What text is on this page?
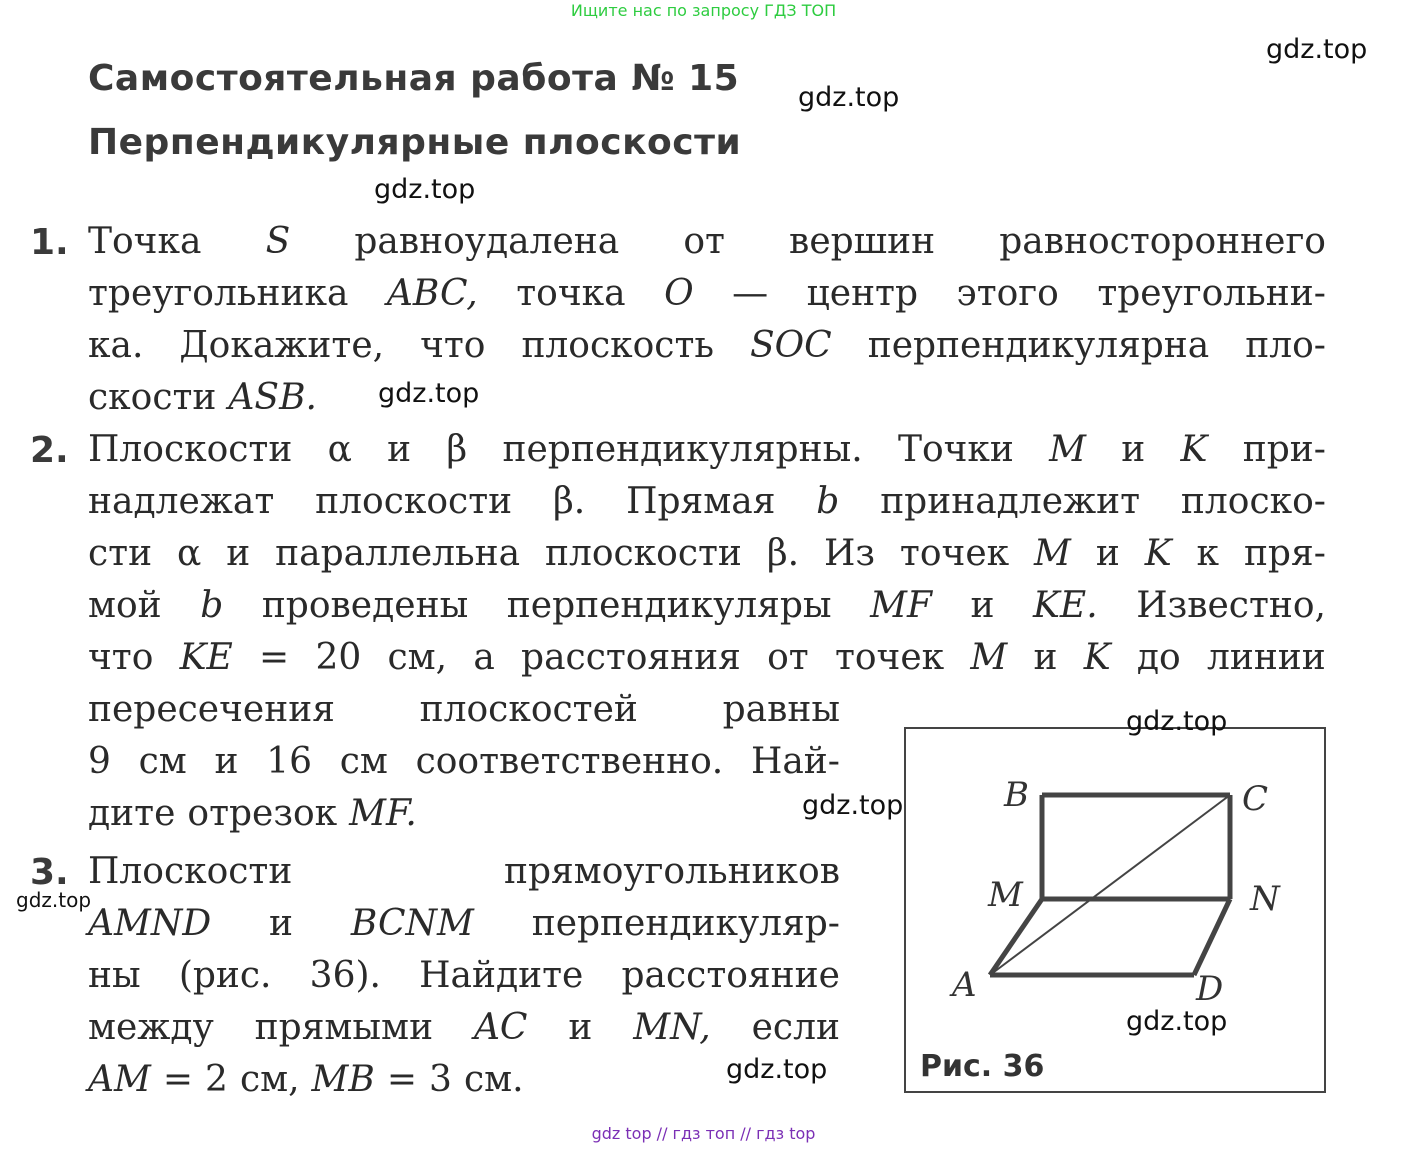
Ищите нас по запросу ГДЗ ТОП
Самостоятельная работа № 15
Перпендикулярные плоскости
1. Точка S равноудалена от вершин равностороннего
треугольника ABC, точка O — центр этого треугольни-
ка. Докажите, что плоскость SOC перпендикулярна пло-
скости ASB.
2. Плоскости α и β перпендикулярны. Точки M и K при-
надлежат плоскости β. Прямая b принадлежит плоско-
сти α и параллельна плоскости β. Из точек M и K к пря-
мой b проведены перпендикуляры MF и KE. Известно,
что KE = 20 см, а расстояния от точек M и K до линии
пересечения плоскостей равны
9 см и 16 см соответственно. Най-
дите отрезок MF.
3. Плоскости	прямоугольников
AMND и BCNM перпендикуляр-
ны (рис. 36). Найдите расстояние
между прямыми AC и MN, если
AM = 2 см, MB = 3 см.
B	C
M	N
A	D
Рис. 36
gdz.top
gdz.top
gdz.top
gdz.top
gdz.top
gdz.top
gdz.top
gdz.top
gdz.top
gdz top // гдз топ // гдз top
